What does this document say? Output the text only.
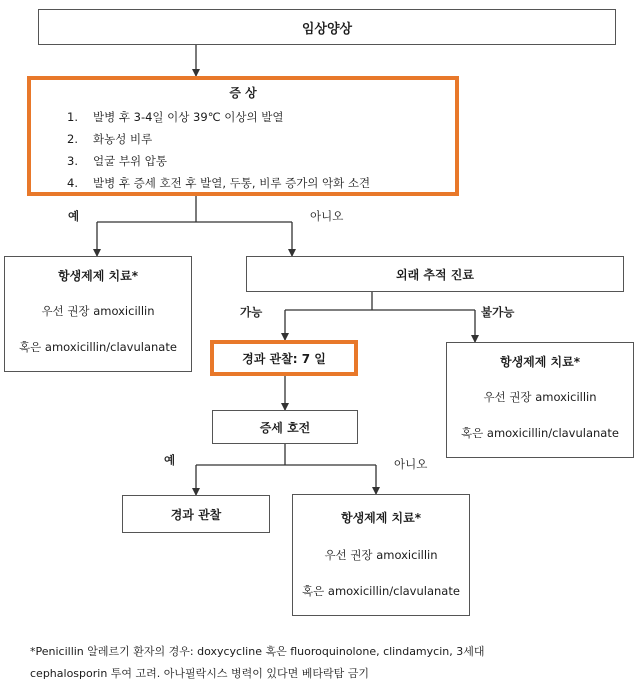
임상양상
증 상
1. 발병 후 3-4일 이상 39℃ 이상의 발열
2. 화농성 비루
3. 얼굴 부위 압통
4. 발병 후 증세 호전 후 발열, 두통, 비루 증가의 악화 소견
예	아니오
항생제제 치료*
우선 권장 amoxicillin
혹은 amoxicillin/clavulanate
외래 추적 진료
가능	불가능
경과 관찰: 7 일	항생제제 치료*
우선 권장 amoxicillin
혹은 amoxicillin/clavulanate
증세 호전
예	아니오
경과 관찰	항생제제 치료*
우선 권장 amoxicillin
혹은 amoxicillin/clavulanate
*Penicillin 알레르기 환자의 경우: doxycycline 혹은 fluoroquinolone, clindamycin, 3세대
cephalosporin 투여 고려. 아나필락시스 병력이 있다면 베타락탐 금기
